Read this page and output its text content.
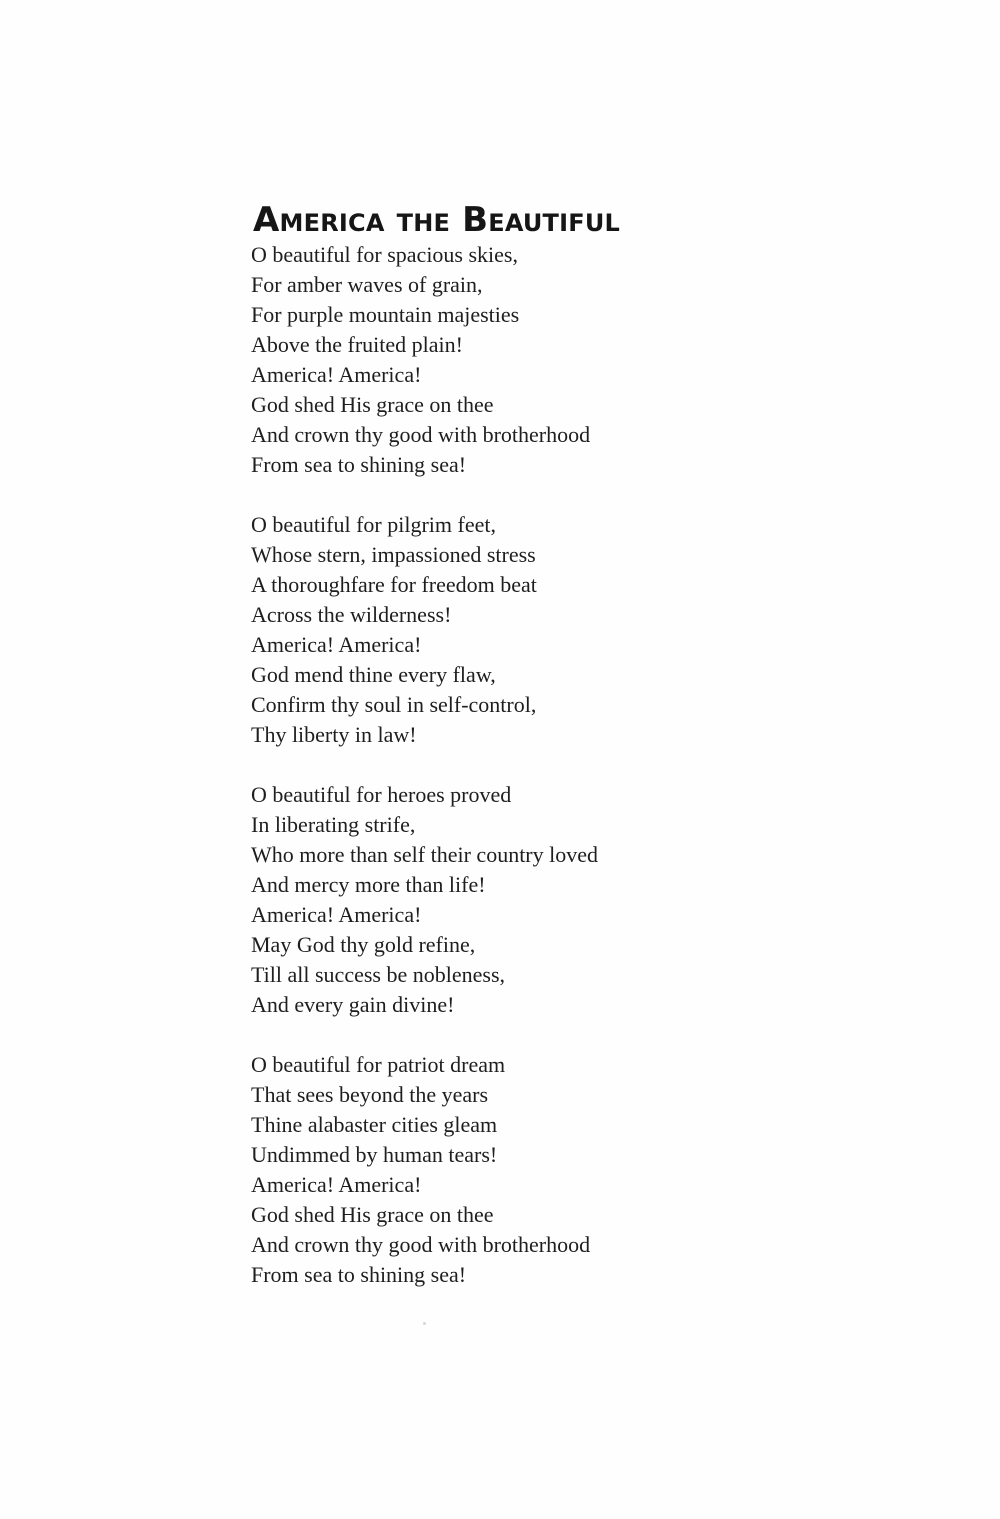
America the Beautiful
O beautiful for spacious skies,
For amber waves of grain,
For purple mountain majesties
Above the fruited plain!
America! America!
God shed His grace on thee
And crown thy good with brotherhood
From sea to shining sea!
O beautiful for pilgrim feet,
Whose stern, impassioned stress
A thoroughfare for freedom beat
Across the wilderness!
America! America!
God mend thine every flaw,
Confirm thy soul in self-control,
Thy liberty in law!
O beautiful for heroes proved
In liberating strife,
Who more than self their country loved
And mercy more than life!
America! America!
May God thy gold refine,
Till all success be nobleness,
And every gain divine!
O beautiful for patriot dream
That sees beyond the years
Thine alabaster cities gleam
Undimmed by human tears!
America! America!
God shed His grace on thee
And crown thy good with brotherhood
From sea to shining sea!
